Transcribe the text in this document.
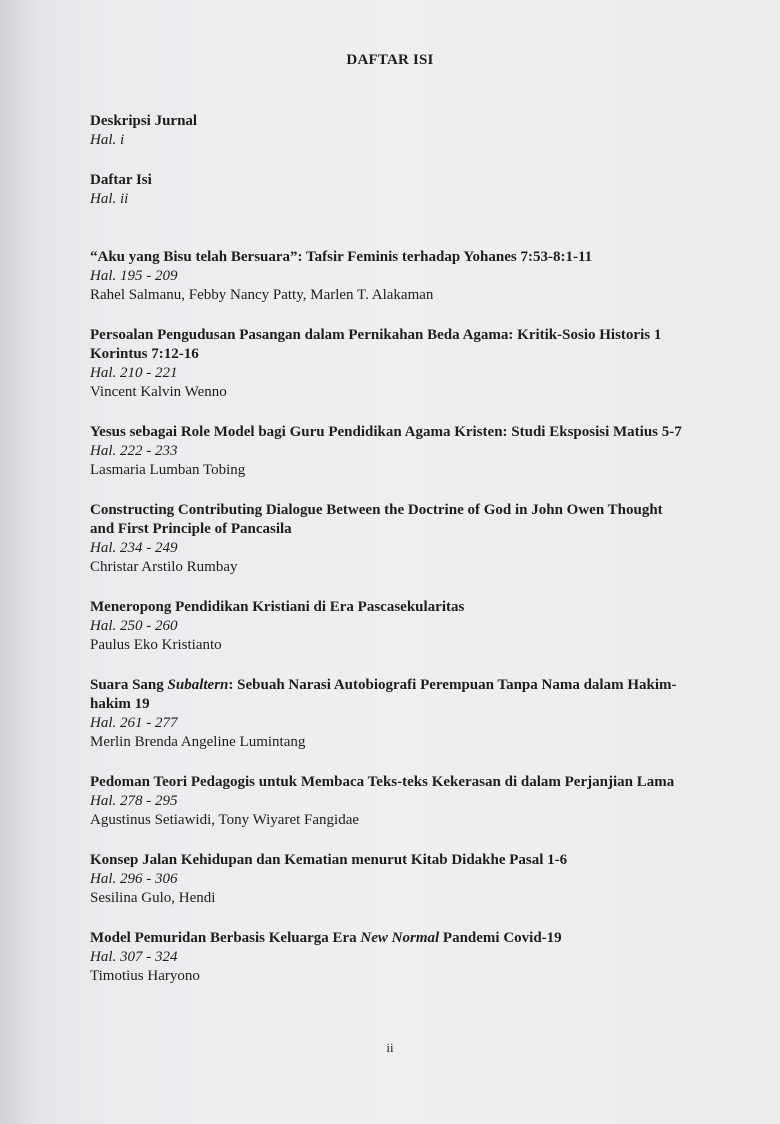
DAFTAR ISI
Deskripsi Jurnal
Hal. i
Daftar Isi
Hal. ii
“Aku yang Bisu telah Bersuara”: Tafsir Feminis terhadap Yohanes 7:53-8:1-11
Hal. 195 - 209
Rahel Salmanu, Febby Nancy Patty, Marlen T. Alakaman
Persoalan Pengudusan Pasangan dalam Pernikahan Beda Agama: Kritik-Sosio Historis 1 Korintus 7:12-16
Hal. 210 - 221
Vincent Kalvin Wenno
Yesus sebagai Role Model bagi Guru Pendidikan Agama Kristen: Studi Eksposisi Matius 5-7
Hal. 222 - 233
Lasmaria Lumban Tobing
Constructing Contributing Dialogue Between the Doctrine of God in John Owen Thought and First Principle of Pancasila
Hal. 234 - 249
Christar Arstilo Rumbay
Meneropong Pendidikan Kristiani di Era Pascasekularitas
Hal. 250 - 260
Paulus Eko Kristianto
Suara Sang Subaltern: Sebuah Narasi Autobiografi Perempuan Tanpa Nama dalam Hakim-hakim 19
Hal. 261 - 277
Merlin Brenda Angeline Lumintang
Pedoman Teori Pedagogis untuk Membaca Teks-teks Kekerasan di dalam Perjanjian Lama
Hal. 278 - 295
Agustinus Setiawidi, Tony Wiyaret Fangidae
Konsep Jalan Kehidupan dan Kematian menurut Kitab Didakhe Pasal 1-6
Hal. 296 - 306
Sesilina Gulo, Hendi
Model Pemuridan Berbasis Keluarga Era New Normal Pandemi Covid-19
Hal. 307 - 324
Timotius Haryono
ii
